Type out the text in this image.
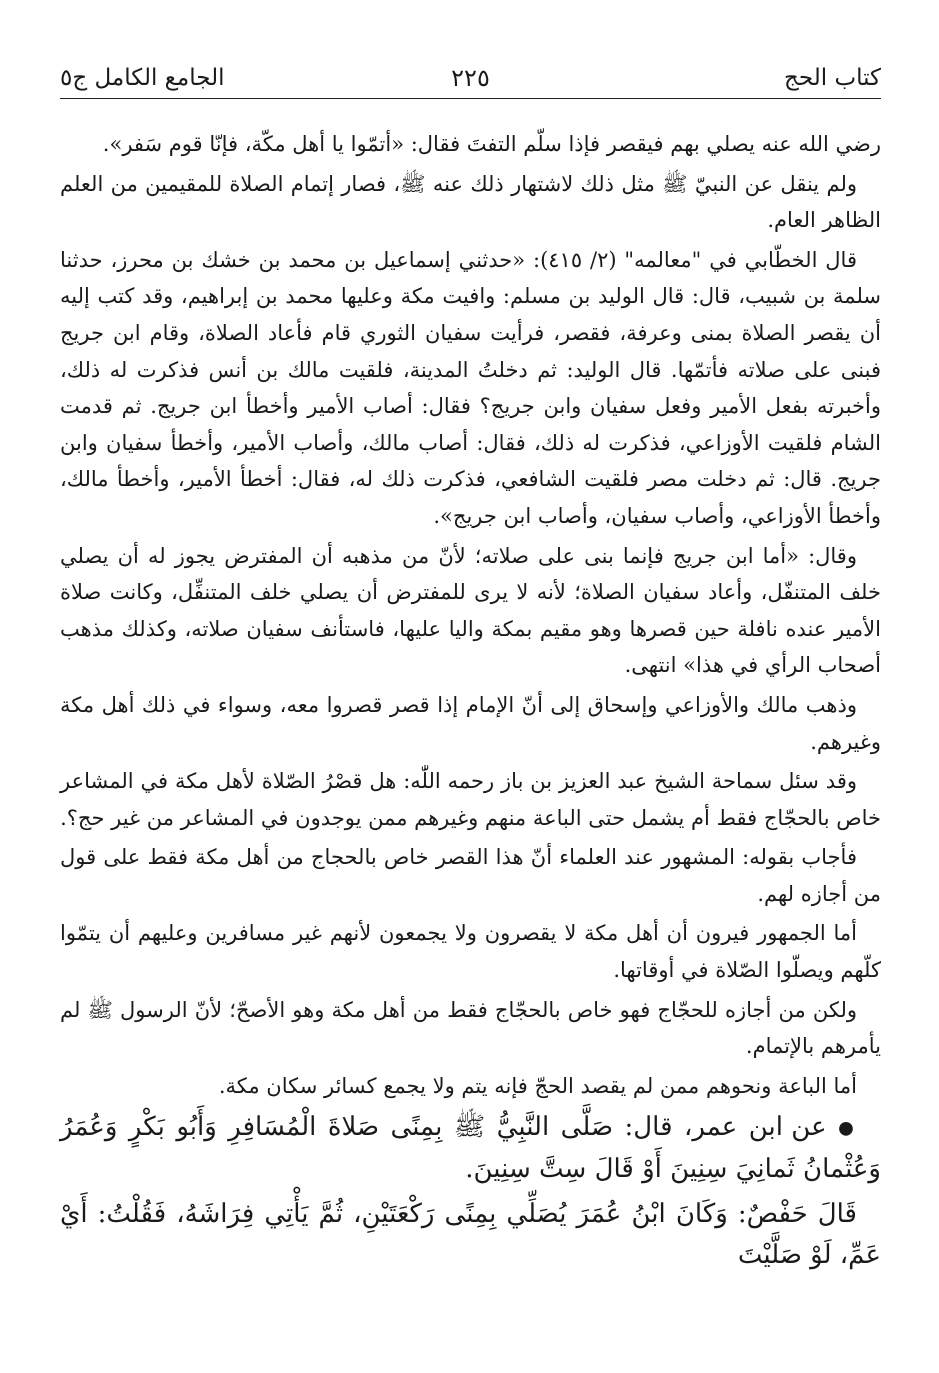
كتاب الحج
٢٢٥
الجامع الكامل ج٥

رضي الله عنه يصلي بهم فيقصر فإذا سلّم التفتَ فقال: «أتمّوا يا أهل مكّة، فإنّا قوم سَفر».

ولم ينقل عن النبيّ ﷺ مثل ذلك لاشتهار ذلك عنه ﷺ، فصار إتمام الصلاة للمقيمين من العلم الظاهر العام.

قال الخطّابي في "معالمه" (٢/ ٤١٥): «حدثني إسماعيل بن محمد بن خشك بن محرز، حدثنا سلمة بن شبيب، قال: قال الوليد بن مسلم: وافيت مكة وعليها محمد بن إبراهيم، وقد كتب إليه أن يقصر الصلاة بمنى وعرفة، فقصر، فرأيت سفيان الثوري قام فأعاد الصلاة، وقام ابن جريج فبنى على صلاته فأتمّها. قال الوليد: ثم دخلتُ المدينة، فلقيت مالك بن أنس فذكرت له ذلك، وأخبرته بفعل الأمير وفعل سفيان وابن جريج؟ فقال: أصاب الأمير وأخطأ ابن جريج. ثم قدمت الشام فلقيت الأوزاعي، فذكرت له ذلك، فقال: أصاب مالك، وأصاب الأمير، وأخطأ سفيان وابن جريج. قال: ثم دخلت مصر فلقيت الشافعي، فذكرت ذلك له، فقال: أخطأ الأمير، وأخطأ مالك، وأخطأ الأوزاعي، وأصاب سفيان، وأصاب ابن جريج».

وقال: «أما ابن جريج فإنما بنى على صلاته؛ لأنّ من مذهبه أن المفترض يجوز له أن يصلي خلف المتنفّل، وأعاد سفيان الصلاة؛ لأنه لا يرى للمفترض أن يصلي خلف المتنفِّل، وكانت صلاة الأمير عنده نافلة حين قصرها وهو مقيم بمكة واليا عليها، فاستأنف سفيان صلاته، وكذلك مذهب أصحاب الرأي في هذا» انتهى.

وذهب مالك والأوزاعي وإسحاق إلى أنّ الإمام إذا قصر قصروا معه، وسواء في ذلك أهل مكة وغيرهم.

وقد سئل سماحة الشيخ عبد العزيز بن باز رحمه اللّٰه: هل قصْرُ الصّلاة لأهل مكة في المشاعر خاص بالحجّاج فقط أم يشمل حتى الباعة منهم وغيرهم ممن يوجدون في المشاعر من غير حج؟.

فأجاب بقوله: المشهور عند العلماء أنّ هذا القصر خاص بالحجاج من أهل مكة فقط على قول من أجازه لهم.

أما الجمهور فيرون أن أهل مكة لا يقصرون ولا يجمعون لأنهم غير مسافرين وعليهم أن يتمّوا كلّهم ويصلّوا الصّلاة في أوقاتها.

ولكن من أجازه للحجّاج فهو خاص بالحجّاج فقط من أهل مكة وهو الأصحّ؛ لأنّ الرسول ﷺ لم يأمرهم بالإتمام.

أما الباعة ونحوهم ممن لم يقصد الحجّ فإنه يتم ولا يجمع كسائر سكان مكة.

● عن ابن عمر، قال: صَلَّى النَّبِيُّ ﷺ بِمِنًى صَلاةَ الْمُسَافِرِ وَأَبُو بَكْرٍ وَعُمَرُ وَعُثْمانُ ثَمانِيَ سِنِينَ أَوْ قَالَ سِتَّ سِنِينَ.

قَالَ حَفْصٌ: وَكَانَ ابْنُ عُمَرَ يُصَلِّي بِمِنًى رَكْعَتَيْنِ، ثُمَّ يَأْتِي فِرَاشَهُ، فَقُلْتُ: أَيْ عَمِّ، لَوْ صَلَّيْتَ
